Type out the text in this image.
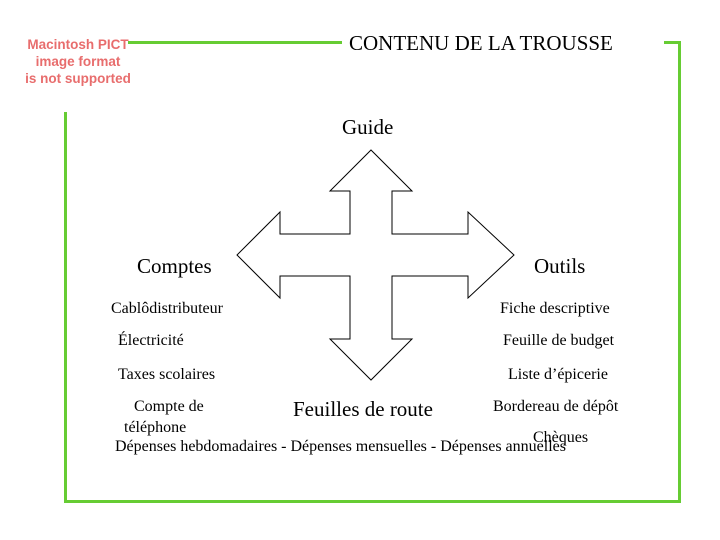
Macintosh PICT
image format
is not supported
CONTENU DE LA TROUSSE
Guide
Comptes	Outils
Feuilles de route
Cablôdistributeur
Électricité
Taxes scolaires
Compte de
téléphone
Fiche descriptive
Feuille de budget
Liste d’épicerie
Bordereau de dépôt
Chèques
Dépenses hebdomadaires - Dépenses mensuelles - Dépenses annuelles
